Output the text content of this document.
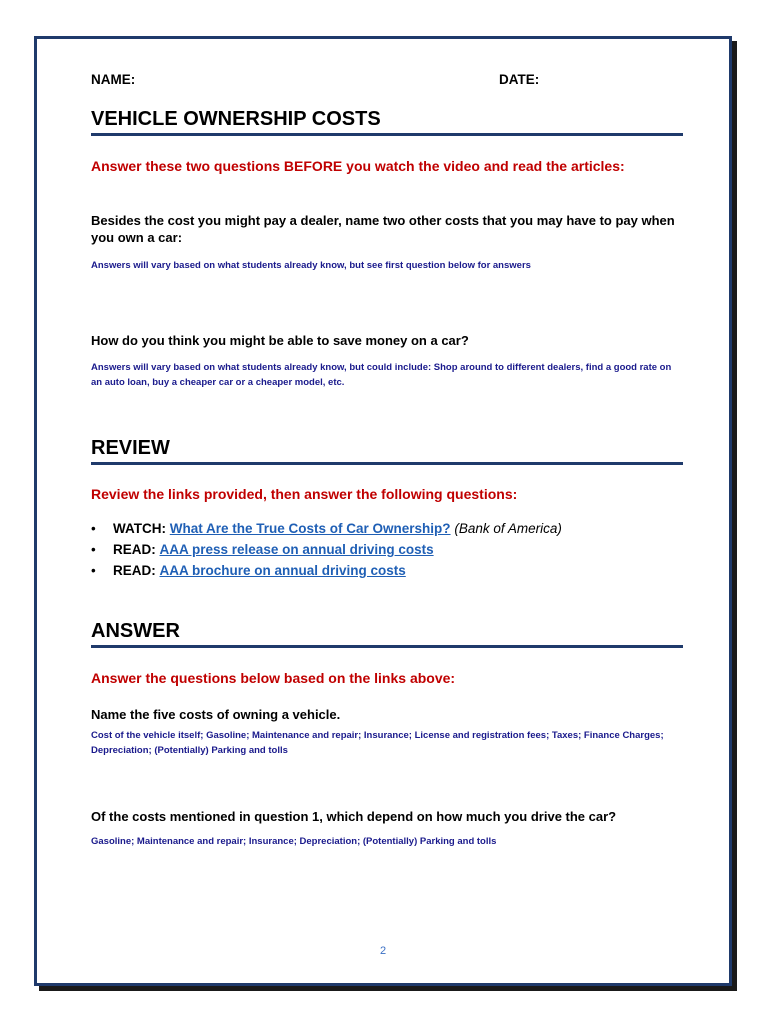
NAME:	DATE:
VEHICLE OWNERSHIP COSTS
Answer these two questions BEFORE you watch the video and read the articles:
Besides the cost you might pay a dealer, name two other costs that you may have to pay when you own a car:
Answers will vary based on what students already know, but see first question below for answers
How do you think you might be able to save money on a car?
Answers will vary based on what students already know, but could include: Shop around to different dealers, find a good rate on an auto loan, buy a cheaper car or a cheaper model, etc.
REVIEW
Review the links provided, then answer the following questions:
• WATCH: What Are the True Costs of Car Ownership? (Bank of America)
• READ: AAA press release on annual driving costs
• READ: AAA brochure on annual driving costs
ANSWER
Answer the questions below based on the links above:
Name the five costs of owning a vehicle.
Cost of the vehicle itself; Gasoline; Maintenance and repair; Insurance; License and registration fees; Taxes; Finance Charges; Depreciation; (Potentially) Parking and tolls
Of the costs mentioned in question 1, which depend on how much you drive the car?
Gasoline; Maintenance and repair; Insurance; Depreciation; (Potentially) Parking and tolls
2
